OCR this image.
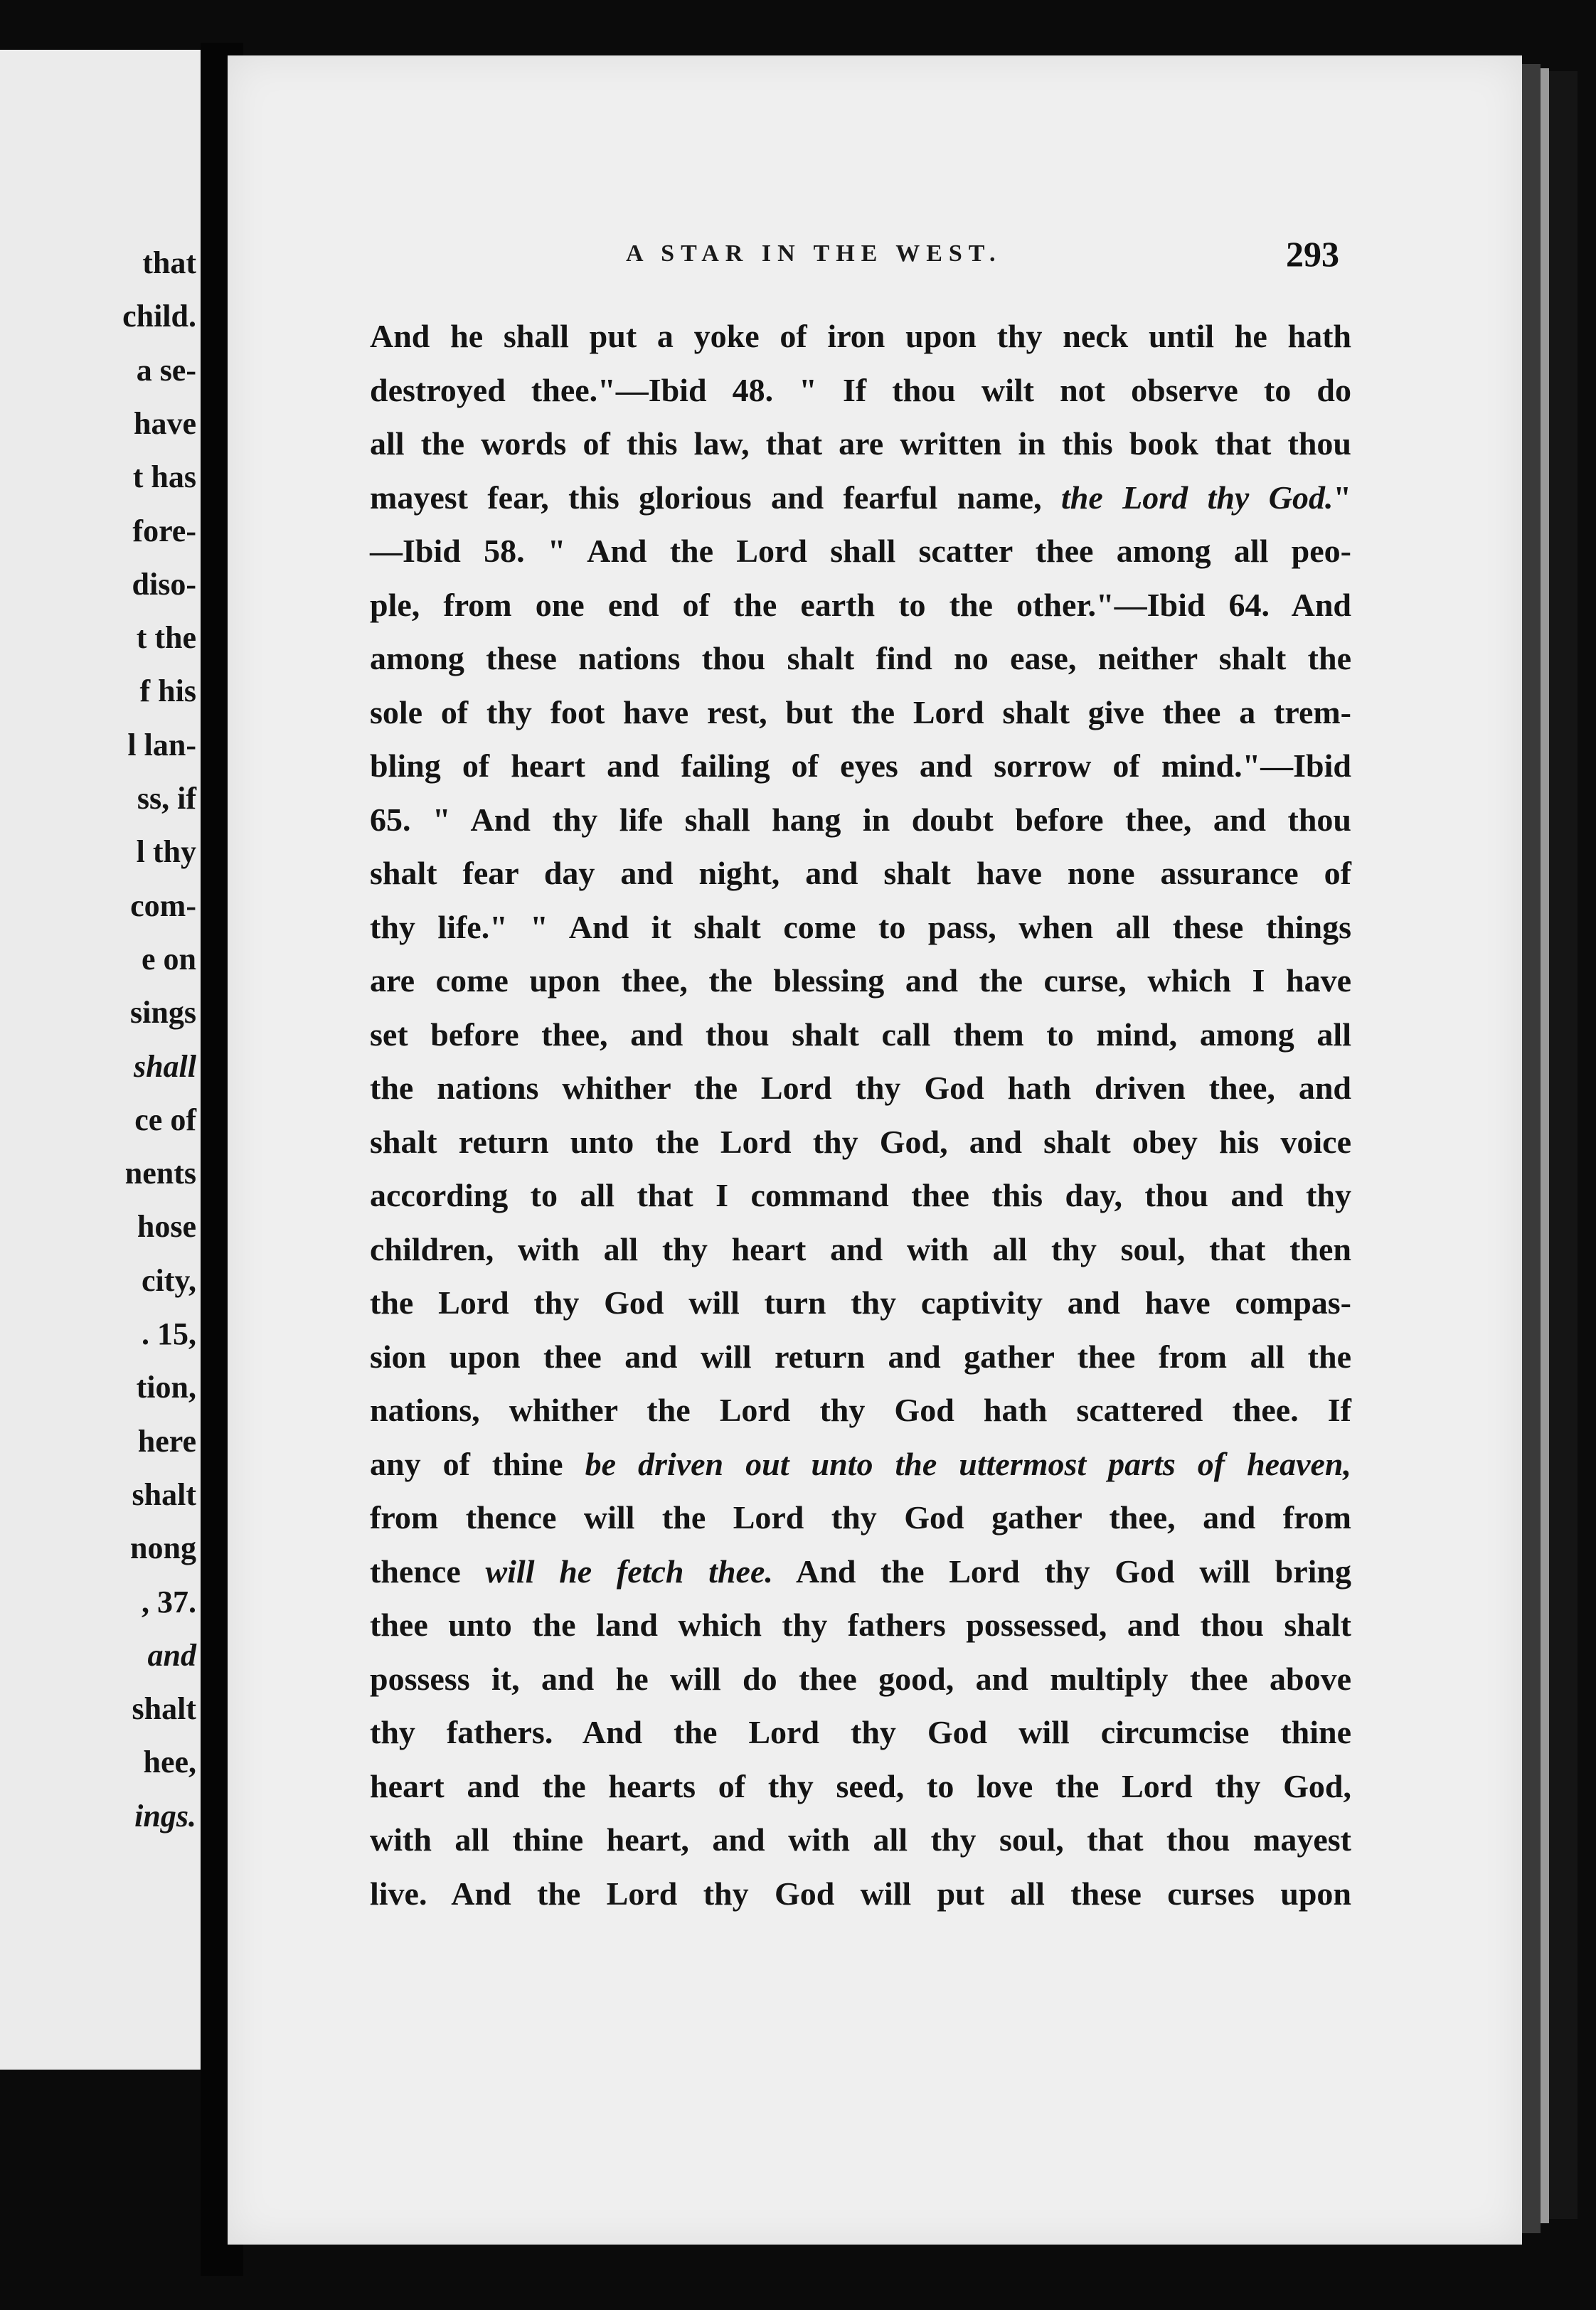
that

child.

a se-

have

t has

fore-

diso-

t the

f his

l lan-

ss, if

l thy

com-

e on

sings

shall

ce of

nents

hose

city,

. 15,

tion,

here

shalt

nong

, 37.

and

shalt

hee,

ings.

A STAR IN THE WEST.	293

And he shall put a yoke of iron upon thy neck until he hath

destroyed thee."—Ibid 48. " If thou wilt not observe to do

all the words of this law, that are written in this book that thou

mayest fear, this glorious and fearful name, the Lord thy God."

—Ibid 58. " And the Lord shall scatter thee among all peo-

ple, from one end of the earth to the other."—Ibid 64. And

among these nations thou shalt find no ease, neither shalt the

sole of thy foot have rest, but the Lord shalt give thee a trem-

bling of heart and failing of eyes and sorrow of mind."—Ibid

65. " And thy life shall hang in doubt before thee, and thou

shalt fear day and night, and shalt have none assurance of

thy life." " And it shalt come to pass, when all these things

are come upon thee, the blessing and the curse, which I have

set before thee, and thou shalt call them to mind, among all

the nations whither the Lord thy God hath driven thee, and

shalt return unto the Lord thy God, and shalt obey his voice

according to all that I command thee this day, thou and thy

children, with all thy heart and with all thy soul, that then

the Lord thy God will turn thy captivity and have compas-

sion upon thee and will return and gather thee from all the

nations, whither the Lord thy God hath scattered thee. If

any of thine be driven out unto the uttermost parts of heaven,

from thence will the Lord thy God gather thee, and from

thence will he fetch thee. And the Lord thy God will bring

thee unto the land which thy fathers possessed, and thou shalt

possess it, and he will do thee good, and multiply thee above

thy fathers. And the Lord thy God will circumcise thine

heart and the hearts of thy seed, to love the Lord thy God,

with all thine heart, and with all thy soul, that thou mayest

live. And the Lord thy God will put all these curses upon
